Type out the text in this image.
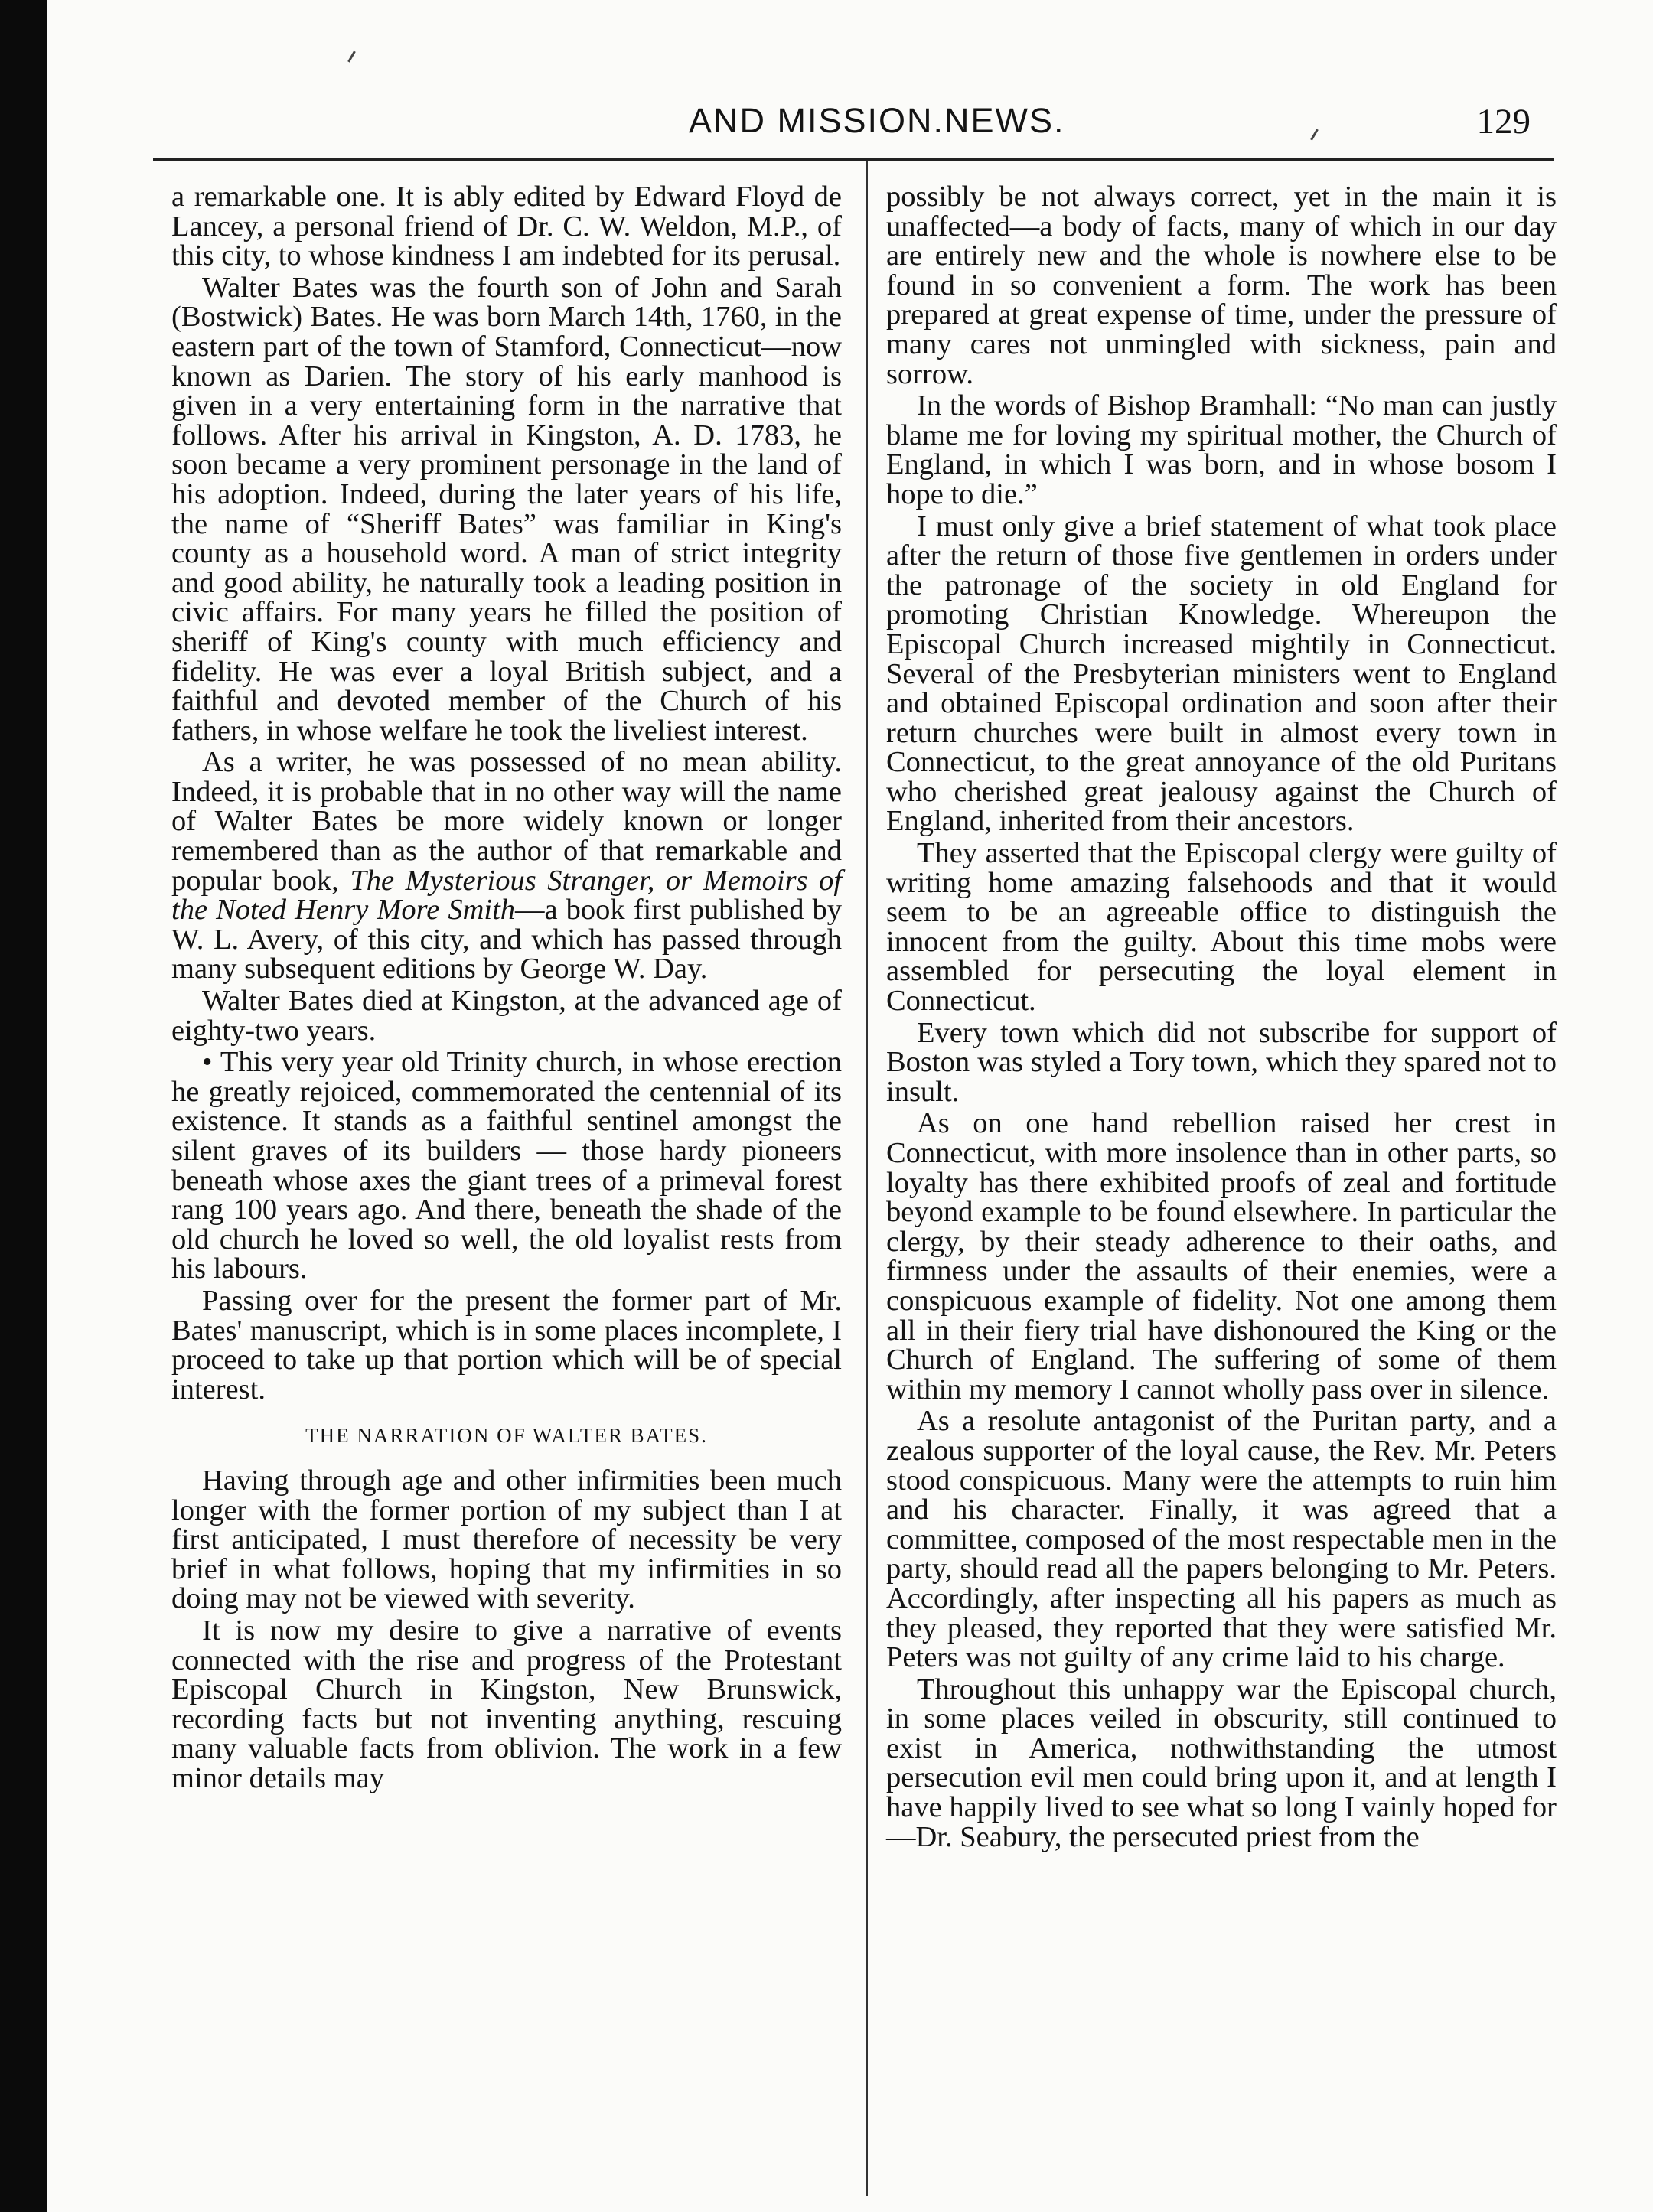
AND MISSION.NEWS.	129

a remarkable one. It is ably edited by Edward Floyd de Lancey, a personal friend of Dr. C. W. Weldon, M.P., of this city, to whose kindness I am indebted for its perusal.

Walter Bates was the fourth son of John and Sarah (Bostwick) Bates. He was born March 14th, 1760, in the eastern part of the town of Stamford, Connecticut—now known as Darien. The story of his early manhood is given in a very entertaining form in the narrative that follows. After his arrival in Kingston, A. D. 1783, he soon became a very prominent personage in the land of his adoption. Indeed, during the later years of his life, the name of “Sheriff Bates” was familiar in King's county as a household word. A man of strict integrity and good ability, he naturally took a leading position in civic affairs. For many years he filled the position of sheriff of King's county with much efficiency and fidelity. He was ever a loyal British subject, and a faithful and devoted member of the Church of his fathers, in whose welfare he took the liveliest interest.

As a writer, he was possessed of no mean ability. Indeed, it is probable that in no other way will the name of Walter Bates be more widely known or longer remembered than as the author of that remarkable and popular book, The Mysterious Stranger, or Memoirs of the Noted Henry More Smith—a book first published by W. L. Avery, of this city, and which has passed through many subsequent editions by George W. Day.

Walter Bates died at Kingston, at the advanced age of eighty-two years.

• This very year old Trinity church, in whose erection he greatly rejoiced, commemorated the centennial of its existence. It stands as a faithful sentinel amongst the silent graves of its builders — those hardy pioneers beneath whose axes the giant trees of a primeval forest rang 100 years ago. And there, beneath the shade of the old church he loved so well, the old loyalist rests from his labours.

Passing over for the present the former part of Mr. Bates' manuscript, which is in some places incomplete, I proceed to take up that portion which will be of special interest.

THE NARRATION OF WALTER BATES.

Having through age and other infirmities been much longer with the former portion of my subject than I at first anticipated, I must therefore of necessity be very brief in what follows, hoping that my infirmities in so doing may not be viewed with severity.

It is now my desire to give a narrative of events connected with the rise and progress of the Protestant Episcopal Church in Kingston, New Brunswick, recording facts but not inventing anything, rescuing many valuable facts from oblivion. The work in a few minor details may

possibly be not always correct, yet in the main it is unaffected—a body of facts, many of which in our day are entirely new and the whole is nowhere else to be found in so convenient a form. The work has been prepared at great expense of time, under the pressure of many cares not unmingled with sickness, pain and sorrow.

In the words of Bishop Bramhall: “No man can justly blame me for loving my spiritual mother, the Church of England, in which I was born, and in whose bosom I hope to die.”

I must only give a brief statement of what took place after the return of those five gentlemen in orders under the patronage of the society in old England for promoting Christian Knowledge. Whereupon the Episcopal Church increased mightily in Connecticut. Several of the Presbyterian ministers went to England and obtained Episcopal ordination and soon after their return churches were built in almost every town in Connecticut, to the great annoyance of the old Puritans who cherished great jealousy against the Church of England, inherited from their ancestors.

They asserted that the Episcopal clergy were guilty of writing home amazing falsehoods and that it would seem to be an agreeable office to distinguish the innocent from the guilty. About this time mobs were assembled for persecuting the loyal element in Connecticut.

Every town which did not subscribe for support of Boston was styled a Tory town, which they spared not to insult.

As on one hand rebellion raised her crest in Connecticut, with more insolence than in other parts, so loyalty has there exhibited proofs of zeal and fortitude beyond example to be found elsewhere. In particular the clergy, by their steady adherence to their oaths, and firmness under the assaults of their enemies, were a conspicuous example of fidelity. Not one among them all in their fiery trial have dishonoured the King or the Church of England. The suffering of some of them within my memory I cannot wholly pass over in silence.

As a resolute antagonist of the Puritan party, and a zealous supporter of the loyal cause, the Rev. Mr. Peters stood conspicuous. Many were the attempts to ruin him and his character. Finally, it was agreed that a committee, composed of the most respectable men in the party, should read all the papers belonging to Mr. Peters. Accordingly, after inspecting all his papers as much as they pleased, they reported that they were satisfied Mr. Peters was not guilty of any crime laid to his charge.

Throughout this unhappy war the Episcopal church, in some places veiled in obscurity, still continued to exist in America, nothwithstanding the utmost persecution evil men could bring upon it, and at length I have happily lived to see what so long I vainly hoped for—Dr. Seabury, the persecuted priest from the
